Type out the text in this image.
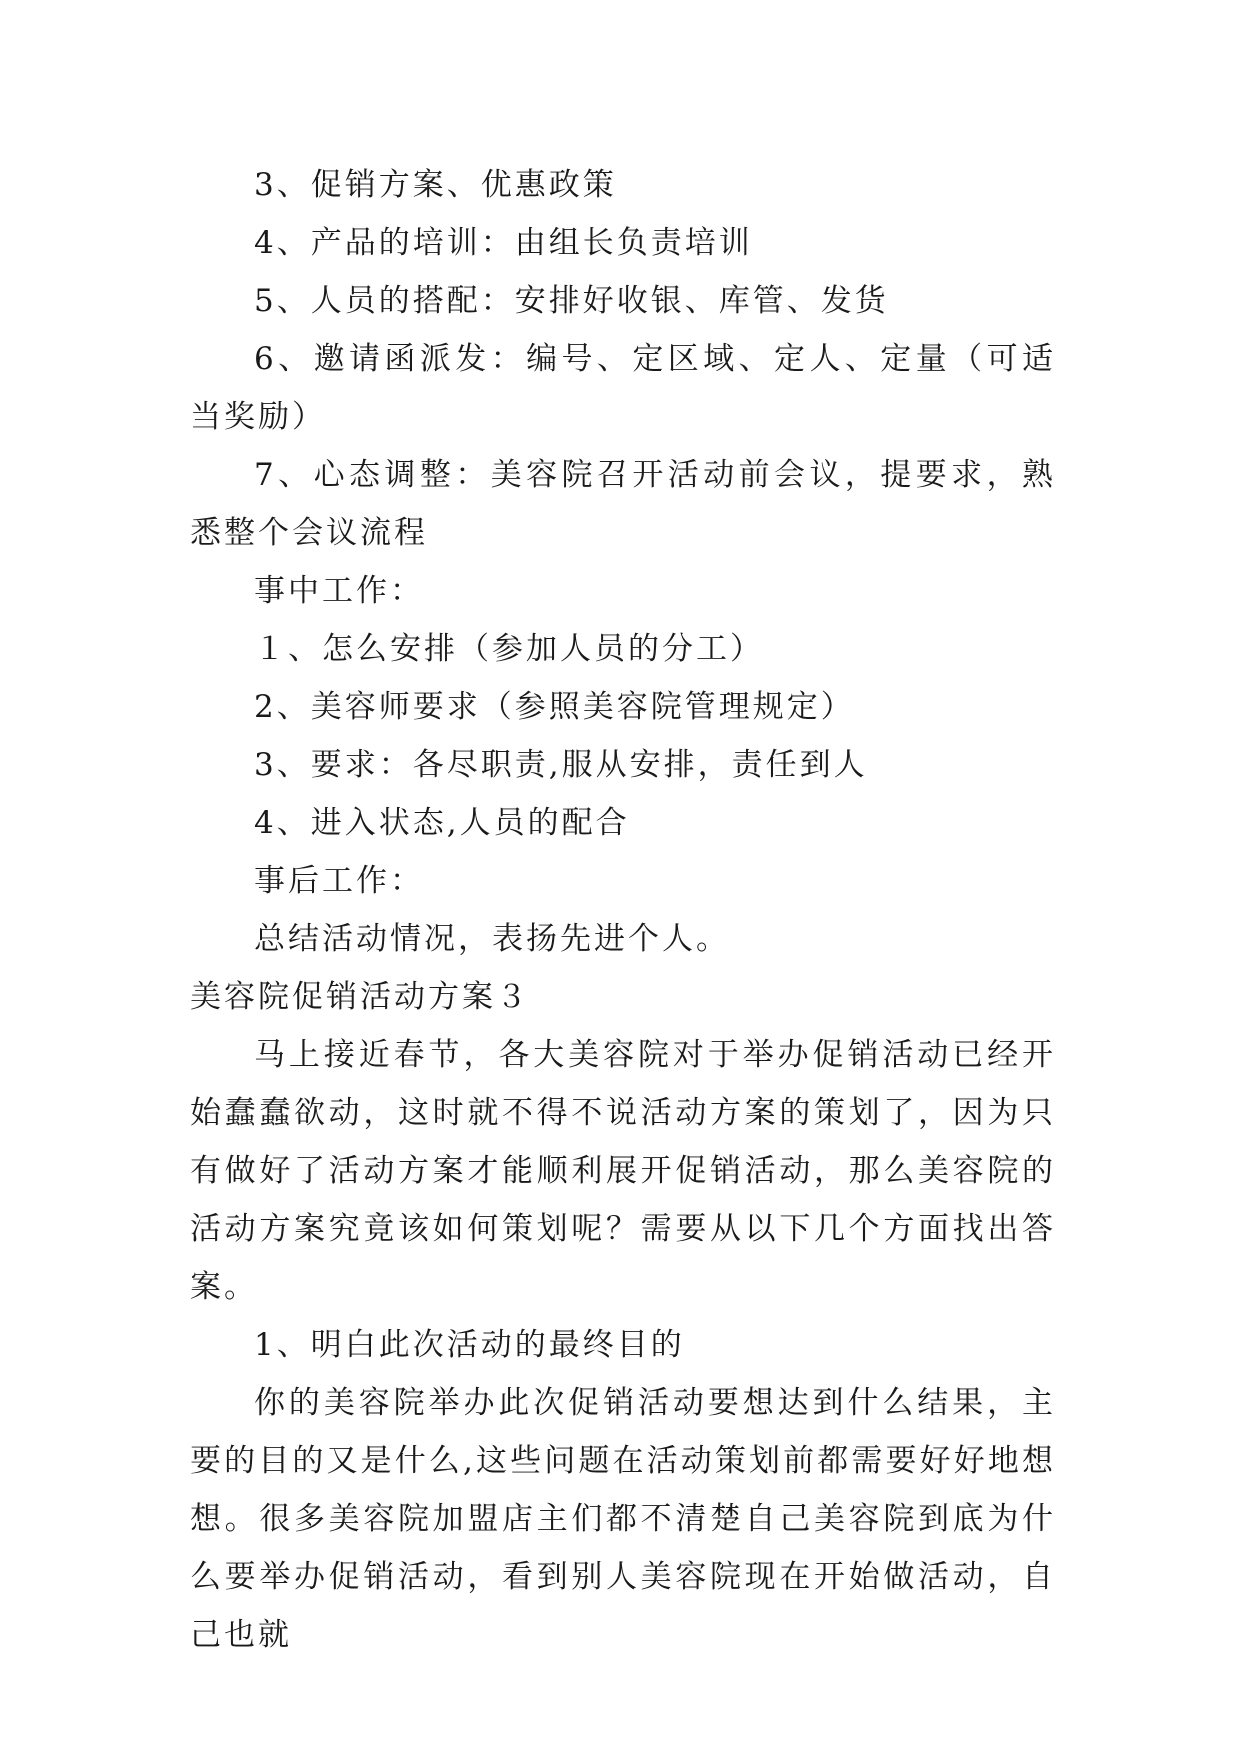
3、促销方案、优惠政策

4、产品的培训：由组长负责培训

5、人员的搭配：安排好收银、库管、发货

6、邀请函派发：编号、定区域、定人、定量（可适当奖励）

7、心态调整：美容院召开活动前会议，提要求，熟悉整个会议流程

事中工作：

１、怎么安排（参加人员的分工）

2、美容师要求（参照美容院管理规定）

3、要求：各尽职责,服从安排，责任到人

4、进入状态,人员的配合

事后工作：

总结活动情况，表扬先进个人。

美容院促销活动方案３

马上接近春节，各大美容院对于举办促销活动已经开始蠢蠢欲动，这时就不得不说活动方案的策划了，因为只有做好了活动方案才能顺利展开促销活动，那么美容院的活动方案究竟该如何策划呢？需要从以下几个方面找出答案。

1、明白此次活动的最终目的

你的美容院举办此次促销活动要想达到什么结果，主要的目的又是什么,这些问题在活动策划前都需要好好地想想。很多美容院加盟店主们都不清楚自己美容院到底为什么要举办促销活动，看到别人美容院现在开始做活动，自己也就
